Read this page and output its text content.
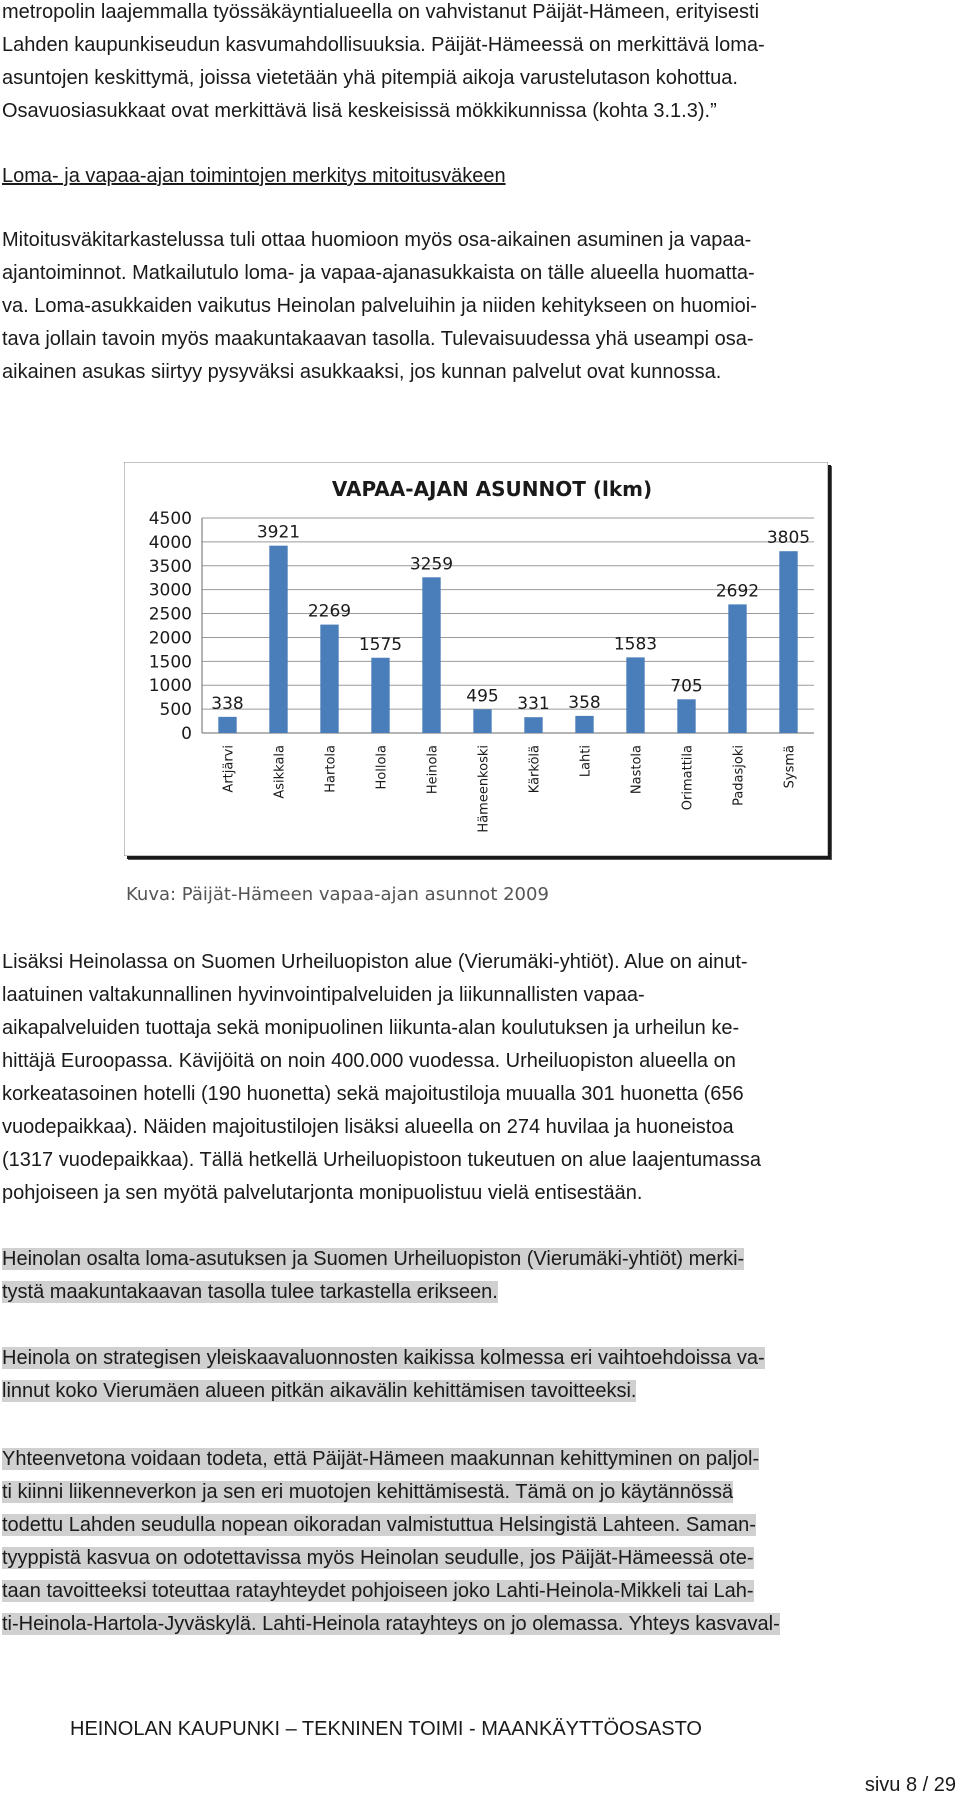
metropolin laajemmalla työssäkäyntialueella on vahvistanut Päijät-Hämeen, erityisesti
Lahden kaupunkiseudun kasvumahdollisuuksia. Päijät-Hämeessä on merkittävä loma-
asuntojen keskittymä, joissa vietetään yhä pitempiä aikoja varustelutason kohottua.
Osavuosiasukkaat ovat merkittävä lisä keskeisissä mökkikunnissa (kohta 3.1.3).”
Loma- ja vapaa-ajan toimintojen merkitys mitoitusväkeen
Mitoitusväkitarkastelussa tuli ottaa huomioon myös osa-aikainen asuminen ja vapaa-
ajantoiminnot. Matkailutulo loma- ja vapaa-ajanasukkaista on tälle alueella huomatta-
va. Loma-asukkaiden vaikutus Heinolan palveluihin ja niiden kehitykseen on huomioi-
tava jollain tavoin myös maakuntakaavan tasolla. Tulevaisuudessa yhä useampi osa-
aikainen asukas siirtyy pysyväksi asukkaaksi, jos kunnan palvelut ovat kunnossa.
VAPAA-AJAN ASUNNOT (lkm)
0
500
1000
1500
2000
2500
3000
3500
4000
4500
338
3921
2269
1575
3259
495 331 358
1583
705
2692
3805
Artjärvi	Asikkala	Hartola	Hollola	Heinola	Hämeenkoski	Kärkölä	Lahti	Nastola	Orimattila	Padasjoki	Sysmä
Kuva: Päijät-Hämeen vapaa-ajan asunnot 2009
Lisäksi Heinolassa on Suomen Urheiluopiston alue (Vierumäki-yhtiöt). Alue on ainut-
laatuinen valtakunnallinen hyvinvointipalveluiden ja liikunnallisten vapaa-
aikapalveluiden tuottaja sekä monipuolinen liikunta-alan koulutuksen ja urheilun ke-
hittäjä Euroopassa. Kävijöitä on noin 400.000 vuodessa. Urheiluopiston alueella on
korkeatasoinen hotelli (190 huonetta) sekä majoitustiloja muualla 301 huonetta (656
vuodepaikkaa). Näiden majoitustilojen lisäksi alueella on 274 huvilaa ja huoneistoa
(1317 vuodepaikkaa). Tällä hetkellä Urheiluopistoon tukeutuen on alue laajentumassa
pohjoiseen ja sen myötä palvelutarjonta monipuolistuu vielä entisestään.
Heinolan osalta loma-asutuksen ja Suomen Urheiluopiston (Vierumäki-yhtiöt) merki-
tystä maakuntakaavan tasolla tulee tarkastella erikseen.
Heinola on strategisen yleiskaavaluonnosten kaikissa kolmessa eri vaihtoehdoissa va-
linnut koko Vierumäen alueen pitkän aikavälin kehittämisen tavoitteeksi.
Yhteenvetona voidaan todeta, että Päijät-Hämeen maakunnan kehittyminen on paljol-
ti kiinni liikenneverkon ja sen eri muotojen kehittämisestä. Tämä on jo käytännössä
todettu Lahden seudulla nopean oikoradan valmistuttua Helsingistä Lahteen. Saman-
tyyppistä kasvua on odotettavissa myös Heinolan seudulle, jos Päijät-Hämeessä ote-
taan tavoitteeksi toteuttaa ratayhteydet pohjoiseen joko Lahti-Heinola-Mikkeli tai Lah-
ti-Heinola-Hartola-Jyväskylä. Lahti-Heinola ratayhteys on jo olemassa. Yhteys kasvaval-
HEINOLAN KAUPUNKI – TEKNINEN TOIMI - MAANKÄYTTÖOSASTO
sivu 8 / 29
